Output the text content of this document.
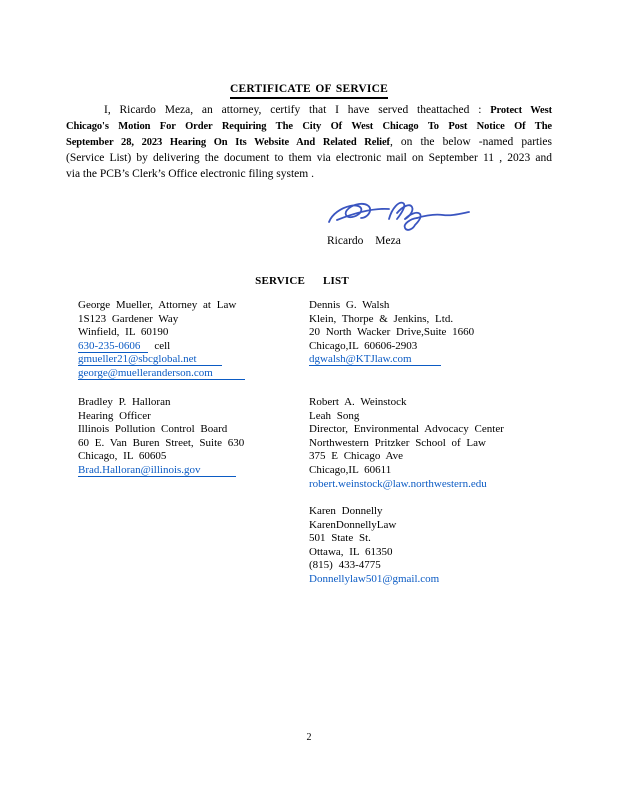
CERTIFICATE OF SERVICE
I, Ricardo Meza, an attorney, certify that I have served theattached : Protect West
Chicago's Motion For Order Requiring The City Of West Chicago To Post Notice Of The
September 28, 2023 Hearing On Its Website And Related Relief, on the below -named parties
(Service List) by delivering the document to them via electronic mail on September 11 , 2023 and
via the PCB’s Clerk’s Office electronic filing system .
Ricardo Meza
SERVICE LIST
George Mueller, Attorney at Law
1S123 Gardener Way
Winfield, IL 60190
630-235-0606 cell
gmueller21@sbcglobal.net
george@muelleranderson.com
Dennis G. Walsh
Klein, Thorpe & Jenkins, Ltd.
20 North Wacker Drive,Suite 1660
Chicago,IL 60606-2903
dgwalsh@KTJlaw.com
Bradley P. Halloran
Hearing Officer
Illinois Pollution Control Board
60 E. Van Buren Street, Suite 630
Chicago, IL 60605
Brad.Halloran@illinois.gov
Robert A. Weinstock
Leah Song
Director, Environmental Advocacy Center
Northwestern Pritzker School of Law
375 E Chicago Ave
Chicago,IL 60611
robert.weinstock@law.northwestern.edu
Karen Donnelly
KarenDonnellyLaw
501 State St.
Ottawa, IL 61350
(815) 433-4775
Donnellylaw501@gmail.com
2
